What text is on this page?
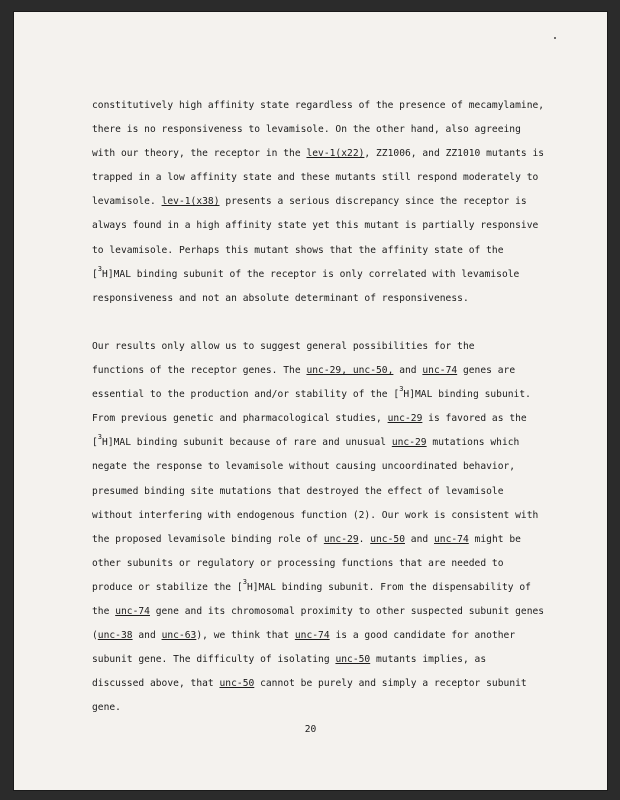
constitutively high affinity state regardless of the presence of mecamylamine,
there is no responsiveness to levamisole. On the other hand, also agreeing
with our theory, the receptor in the lev-1(x22), ZZ1006, and ZZ1010 mutants is
trapped in a low affinity state and these mutants still respond moderately to
levamisole. lev-1(x38) presents a serious discrepancy since the receptor is
always found in a high affinity state yet this mutant is partially responsive
to levamisole. Perhaps this mutant shows that the affinity state of the
[$^3$H]MAL binding subunit of the receptor is only correlated with levamisole
responsiveness and not an absolute determinant of responsiveness.
Our results only allow us to suggest general possibilities for the
functions of the receptor genes. The unc-29, unc-50, and unc-74 genes are
essential to the production and/or stability of the [$^3$H]MAL binding subunit.
From previous genetic and pharmacological studies, unc-29 is favored as the
[$^3$H]MAL binding subunit because of rare and unusual unc-29 mutations which
negate the response to levamisole without causing uncoordinated behavior,
presumed binding site mutations that destroyed the effect of levamisole
without interfering with endogenous function (2). Our work is consistent with
the proposed levamisole binding role of unc-29. unc-50 and unc-74 might be
other subunits or regulatory or processing functions that are needed to
produce or stabilize the [$^3$H]MAL binding subunit. From the dispensability of
the unc-74 gene and its chromosomal proximity to other suspected subunit genes
(unc-38 and unc-63), we think that unc-74 is a good candidate for another
subunit gene. The difficulty of isolating unc-50 mutants implies, as
discussed above, that unc-50 cannot be purely and simply a receptor subunit
gene.
20
